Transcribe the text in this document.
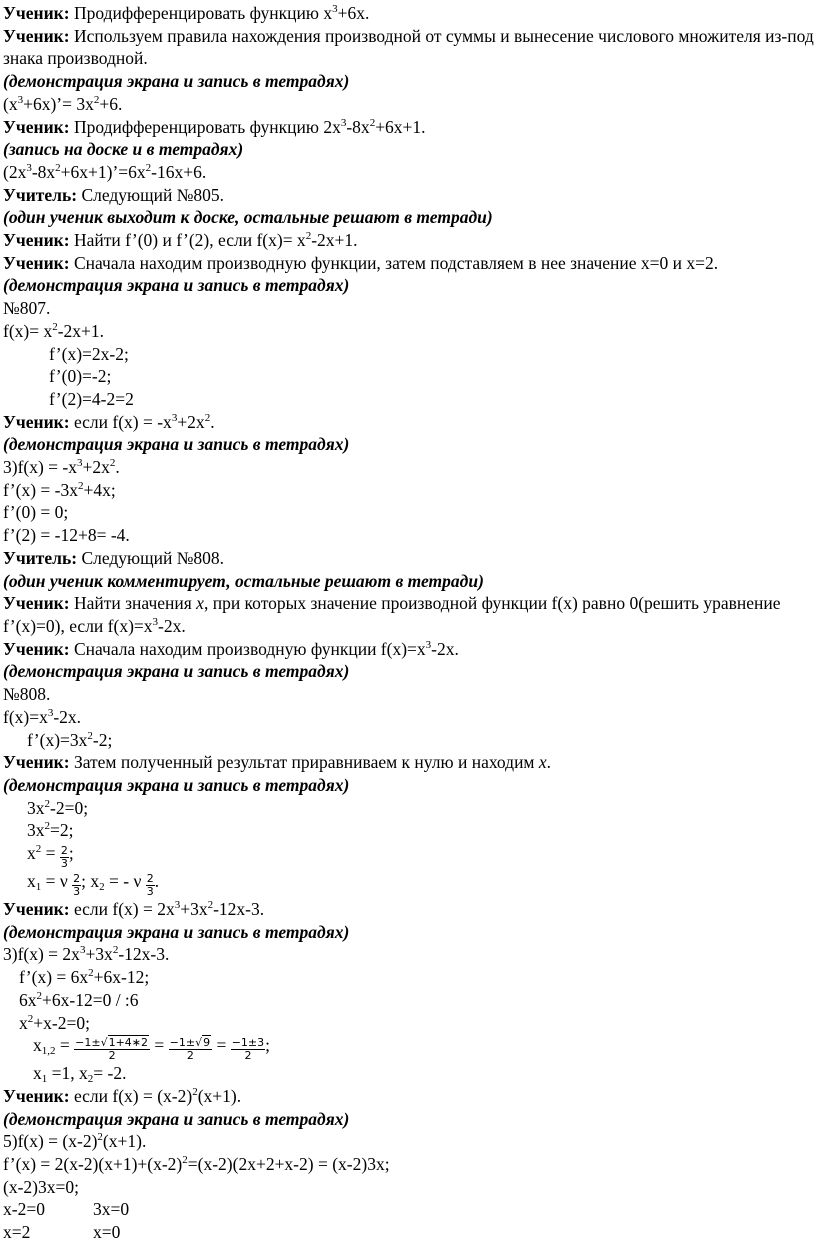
Ученик: Продифференцировать функцию $x^3+6x$.
Ученик: Используем правила нахождения производной от суммы и вынесение числового множителя из-под знака производной.
(демонстрация экрана и запись в тетрадях)
$(x^3+6x)’= 3x^2+6$.
Ученик: Продифференцировать функцию $2x^3-8x^2+6x+1$.
(запись на доске и в тетрадях)
$(2x^3-8x^2+6x+1)’=6x^2-16x+6$.
Учитель: Следующий №805.
(один ученик выходит к доске, остальные решают в тетради)
Ученик: Найти f’(0) и f’(2), если $f(x)= x^2-2x+1$.
Ученик: Сначала находим производную функции, затем подставляем в нее значение x=0 и x=2.
(демонстрация экрана и запись в тетрадях)
№807.
$f(x)= x^2-2x+1$.
f’(x)=2x-2;
f’(0)=-2;
f’(2)=4-2=2
Ученик: если $f(x) = -x^3+2x^2$.
(демонстрация экрана и запись в тетрадях)
$3)f(x) = -x^3+2x^2$.
f’(x) = $-3x^2+4x$;
f’(0) = 0;
f’(2) = -12+8= -4.
Учитель: Следующий №808.
(один ученик комментирует, остальные решают в тетради)
Ученик: Найти значения x, при которых значение производной функции f(x) равно 0(решить уравнение f’(x)=0), если $f(x)=x^3-2x$.
Ученик: Сначала находим производную функции $f(x)=x^3-2x$.
(демонстрация экрана и запись в тетрадях)
№808.
$f(x)=x^3-2x$.
$f’(x)=3x^2-2$;
Ученик: Затем полученный результат приравниваем к нулю и находим x.
(демонстрация экрана и запись в тетрадях)
$3x^2-2=0$;
$3x^2=2$;
$x^2 = \frac{2}{3}$ ;
$x_1 = \nu \frac{2}{3}$ ; $x_2$ = - ν $\frac{2}{3}$ .
Ученик: если $f(x) = 2x^3+3x^2-12x-3$.
(демонстрация экрана и запись в тетрадях)
$3)f(x) = 2x^3+3x^2-12x-3$.
f’(x) = $6x^2+6x-12$;
$6x^2+6x-12=0$ / :6
$x^2+x-2=0$;
$x_{1,2} = \frac{-1\pm√1+4∗2}{2} = \frac{-1\pm√9}{2} = \frac{-1\pm 3}{2}$ ;
$x_1 =1$, $x_2= -2$.
Ученик: если $f(x) = (x-2)^2(x+1)$.
(демонстрация экрана и запись в тетрадях)
$5)f(x) = (x-2)^2(x+1)$.
f’(x) = $2(x-2)(x+1)+(x-2)^2=(x-2)(2x+2+x-2) = (x-2)3x$;
(x-2)3x=0;
x-2=0	3x=0
x=2	x=0
